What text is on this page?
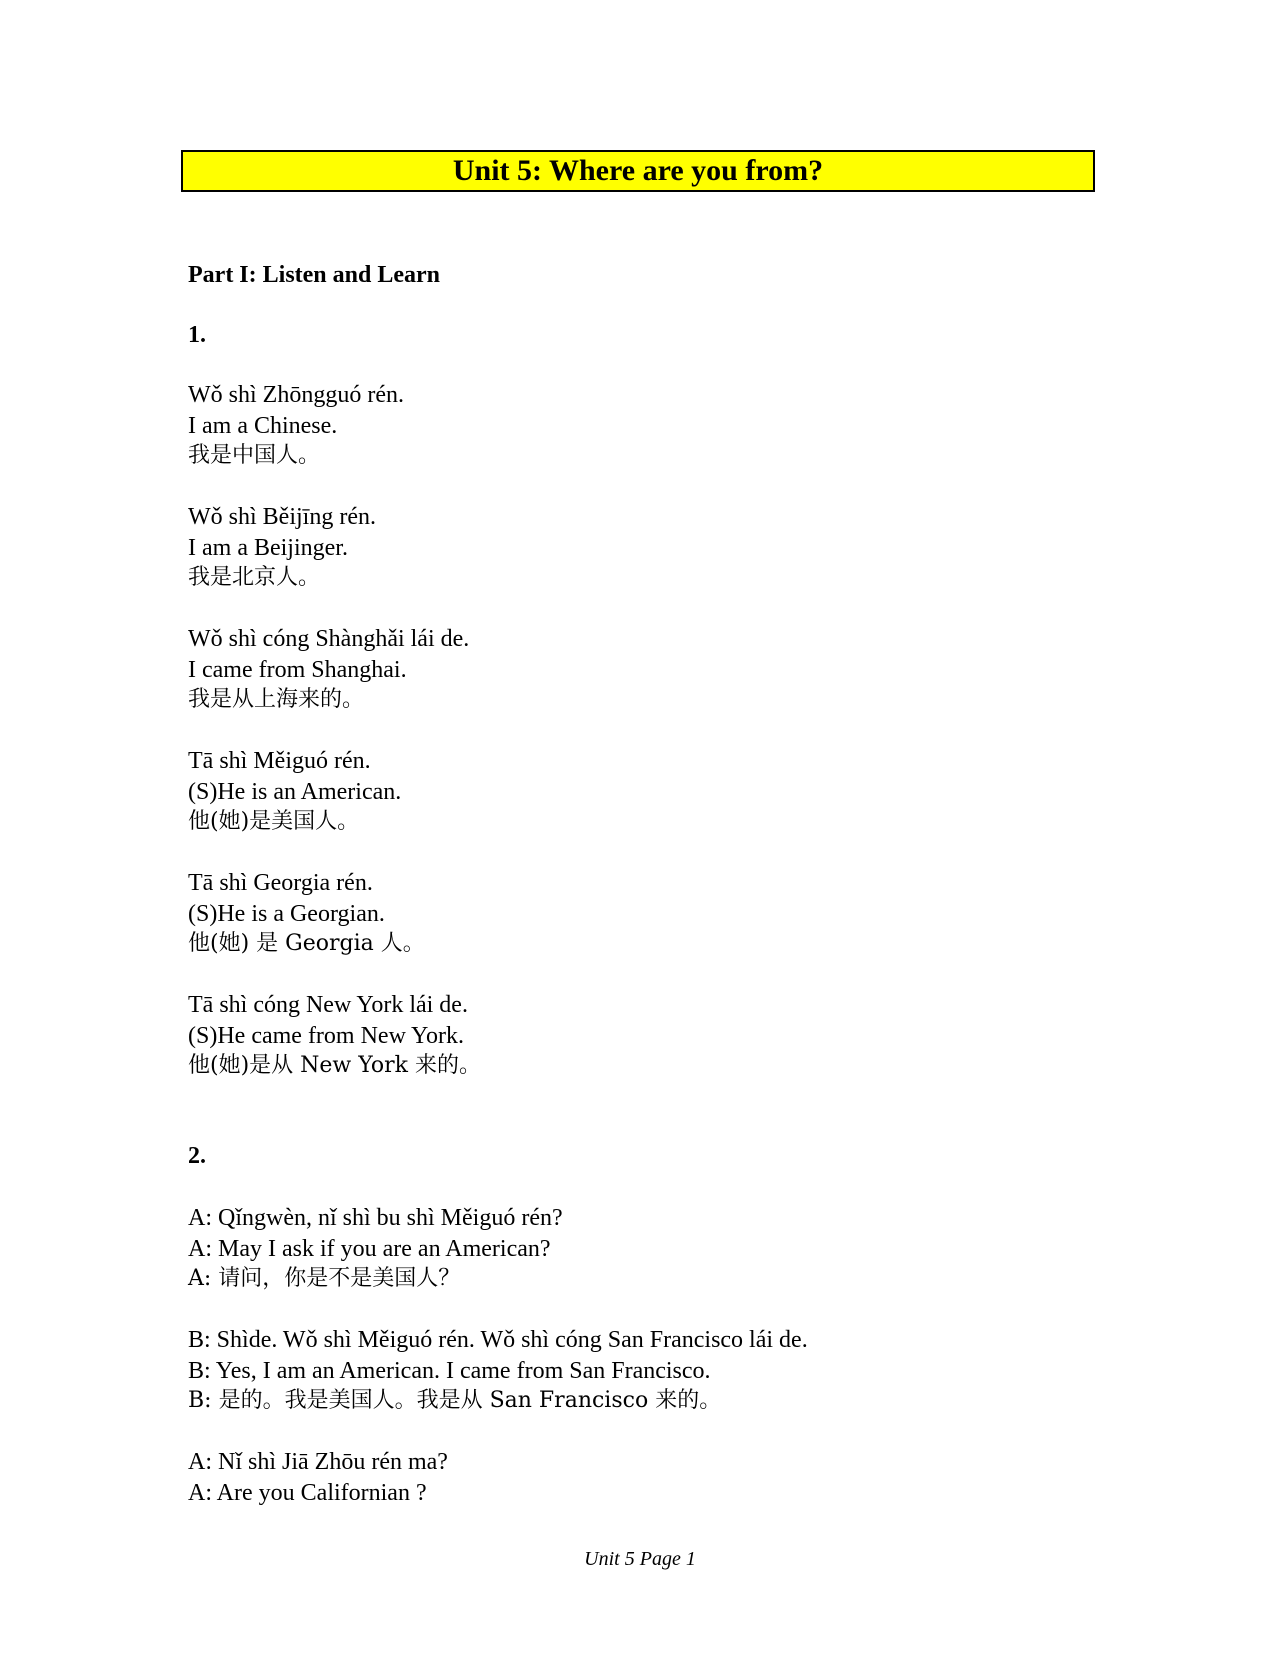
Unit 5: Where are you from?
Part I: Listen and Learn
1.
Wǒ shì Zhōngguó rén.
I am a Chinese.
我是中国人。
Wǒ shì Běijīng rén.
I am a Beijinger.
我是北京人。
Wǒ shì cóng Shànghǎi lái de.
I came from Shanghai.
我是从上海来的。
Tā shì Měiguó rén.
(S)He is an American.
他(她)是美国人。
Tā shì Georgia rén.
(S)He is a Georgian.
他(她) 是 Georgia 人。
Tā shì cóng New York lái de.
(S)He came from New York.
他(她)是从 New York 来的。
2.
A: Qǐngwèn, nǐ shì bu shì Měiguó rén?
A: May I ask if you are an American?
A: 请问，你是不是美国人？
B: Shìde. Wǒ shì Měiguó rén. Wǒ shì cóng San Francisco lái de.
B: Yes, I am an American. I came from San Francisco.
B: 是的。我是美国人。我是从 San Francisco 来的。
A: Nǐ shì Jiā Zhōu rén ma?
A: Are you Californian ?
Unit 5 Page 1
